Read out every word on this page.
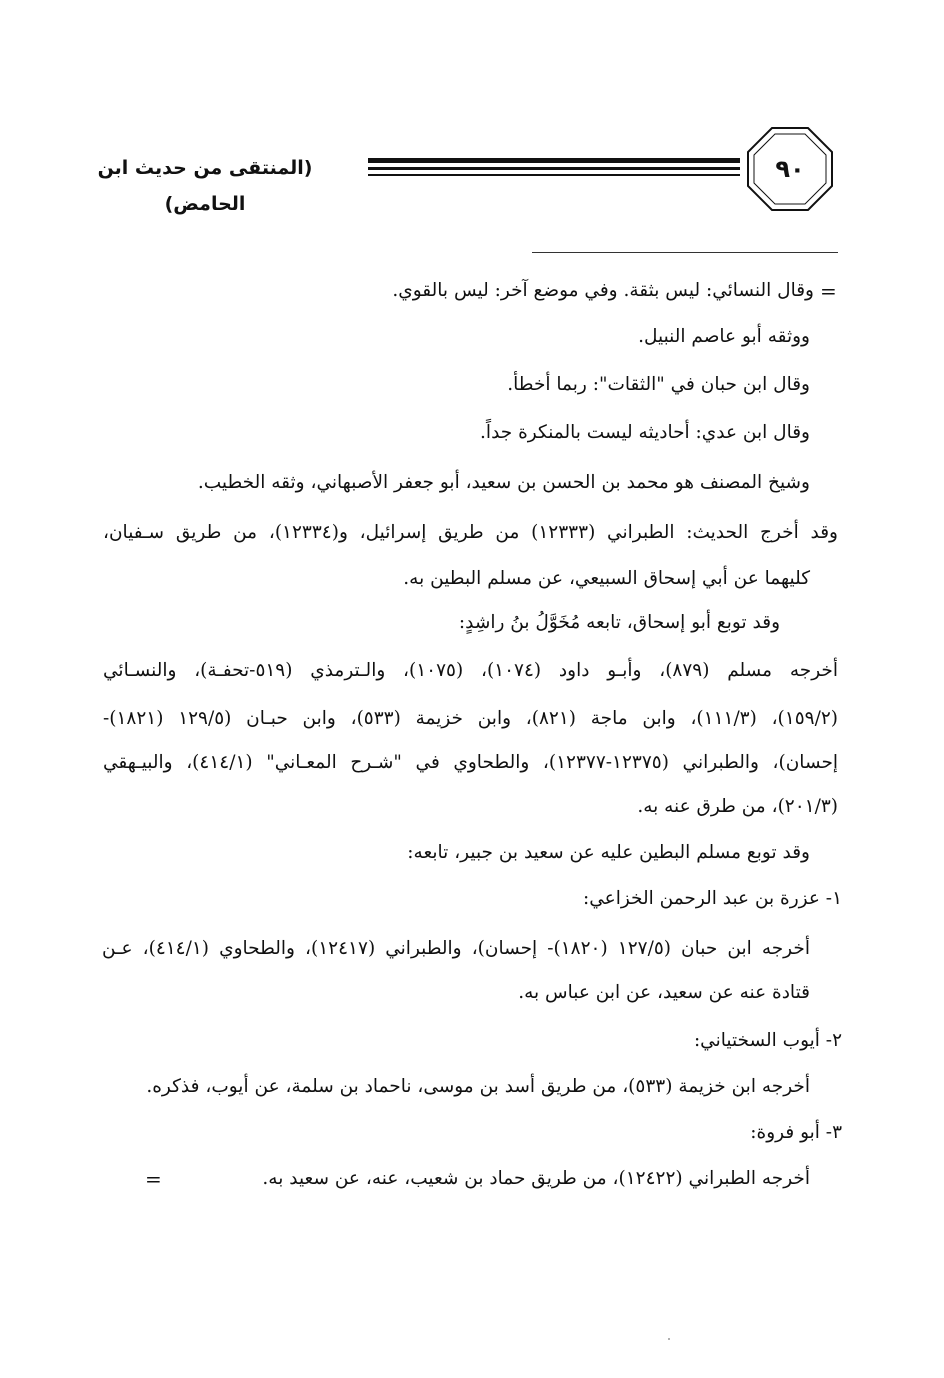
٩٠
(المنتقى من حديث ابن الحامض)
=
=
وقال النسائي: ليس بثقة. وفي موضع آخر: ليس بالقوي.
ووثقه أبو عاصم النبيل.
وقال ابن حبان في "الثقات": ربما أخطأ.
وقال ابن عدي: أحاديثه ليست بالمنكرة جداً.
وشيخ المصنف هو محمد بن الحسن بن سعيد، أبو جعفر الأصبهاني، وثقه الخطيب.
وقد أخرج الحديث: الطبراني (١٢٣٣٣) من طريق إسرائيل، و(١٢٣٣٤)، من طريق سـفيان،
كليهما عن أبي إسحاق السبيعي، عن مسلم البطين به.
وقد توبع أبو إسحاق، تابعه مُخَوَّلُ بنُ راشِدٍ:
أخرجه مسلم (٨٧٩)، وأبـو داود (١٠٧٤)، (١٠٧٥)، والـترمذي (٥١٩-تحفـة)، والنسـائي
(١٥٩/٢)، (١١١/٣)، وابن ماجة (٨٢١)، وابن خزيمة (٥٣٣)، وابن حبـان (١٢٩/٥ (١٨٢١)-
إحسان)، والطبراني (١٢٣٧٥-١٢٣٧٧)، والطحاوي في "شـرح المعـاني" (٤١٤/١)، والبيـهقي
(٢٠١/٣)، من طرق عنه به.
وقد توبع مسلم البطين عليه عن سعيد بن جبير، تابعه:
١- عزرة بن عبد الرحمن الخزاعي:
أخرجه ابن حبان (١٢٧/٥ (١٨٢٠)- إحسان)، والطبراني (١٢٤١٧)، والطحاوي (٤١٤/١)، عـن
قتادة عنه عن سعيد، عن ابن عباس به.
٢- أيوب السختياني:
أخرجه ابن خزيمة (٥٣٣)، من طريق أسد بن موسى، ناحماد بن سلمة، عن أيوب، فذكره.
٣- أبو فروة:
أخرجه الطبراني (١٢٤٢٢)، من طريق حماد بن شعيب، عنه، عن سعيد به.
